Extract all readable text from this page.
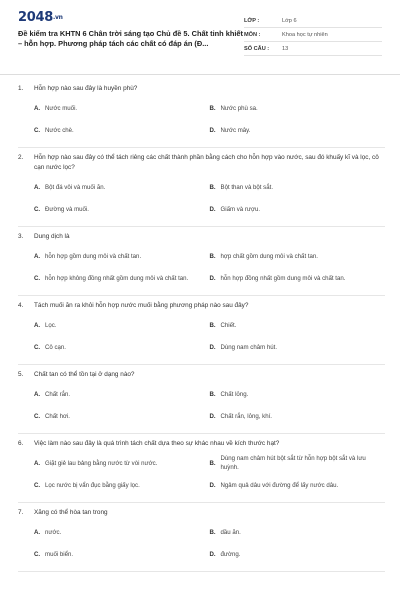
2048.vn
Đề kiểm tra KHTN 6 Chân trời sáng tạo Chủ đề 5. Chất tinh khiết – hỗn hợp. Phương pháp tách các chất có đáp án (Đ...
LỚP :	Lớp 6
MÔN :	Khoa học tự nhiên
SỐ CÂU :	13
1.	Hỗn hợp nào sau đây là huyền phù?
A. Nước muối.	B. Nước phù sa.
C. Nước chè.	D. Nước mây.
2.	Hỗn hợp nào sau đây có thể tách riêng các chất thành phần bằng cách cho hỗn hợp vào nước, sau đó khuấy kĩ và lọc, cô cạn nước lọc?
A. Bột đá vôi và muối ăn.	B. Bột than và bột sắt.
C. Đường và muối.	D. Giấm và rượu.
3.	Dung dịch là
A. hỗn hợp gồm dung môi và chất tan.	B. hợp chất gồm dung môi và chất tan.
C. hỗn hợp không đồng nhất gồm dung môi và chất tan.	D. hỗn hợp đồng nhất gồm dung môi và chất tan.
4.	Tách muối ăn ra khỏi hỗn hợp nước muối bằng phương pháp nào sau đây?
A. Lọc.	B. Chiết.
C. Cô cạn.	D. Dùng nam châm hút.
5.	Chất tan có thể tồn tại ở dạng nào?
A. Chất rắn.	B. Chất lỏng.
C. Chất hơi.	D. Chất rắn, lỏng, khí.
6.	Việc làm nào sau đây là quá trình tách chất dựa theo sự khác nhau về kích thước hạt?
A. Giặt giẻ lau bảng bằng nước từ vòi nước.	B.
Dùng nam châm hút bột sắt từ hỗn hợp bột sắt và lưu huỳnh.
C. Lọc nước bị vẩn đục bằng giấy lọc.	D. Ngâm quả dâu với đường để lấy nước dâu.
7.	Xăng có thể hòa tan trong
A. nước.	B. dầu ăn.
C. muối biển.	D. đường.
